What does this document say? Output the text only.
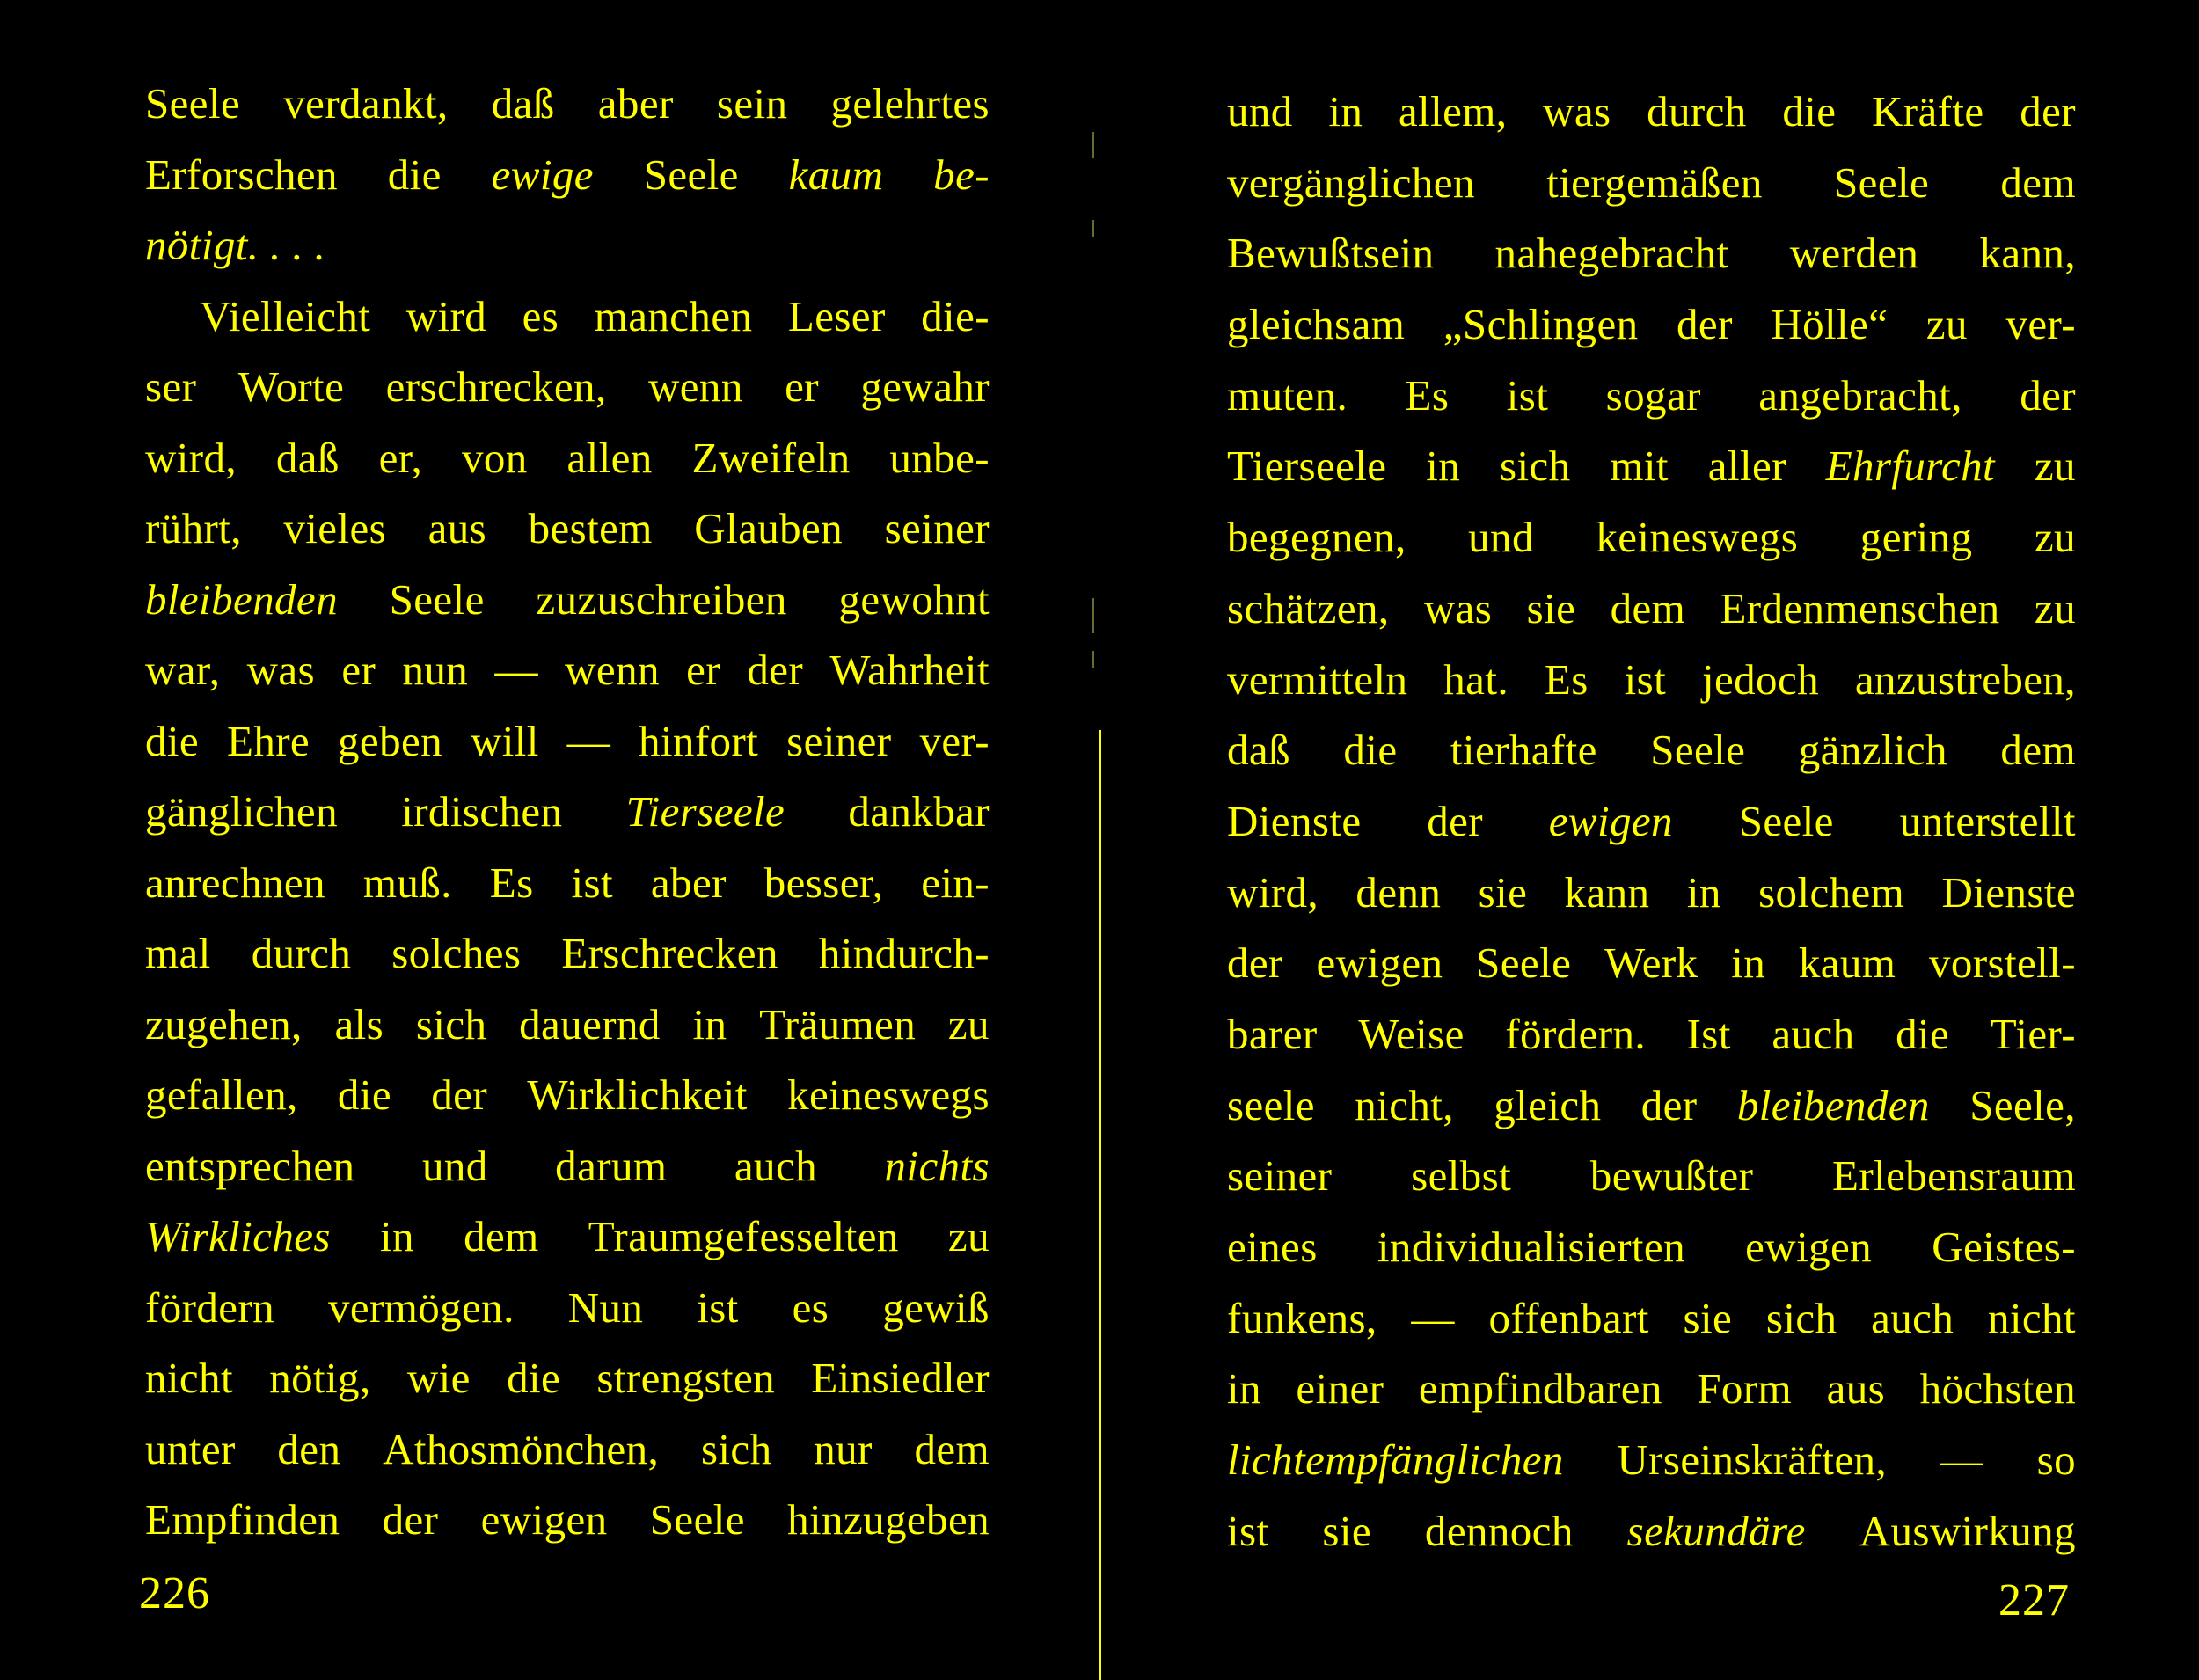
Seele verdankt, daß aber sein gelehrtes
Erforschen die ewige Seele kaum be-
nötigt. . . .
Vielleicht wird es manchen Leser die-
ser Worte erschrecken, wenn er gewahr
wird, daß er, von allen Zweifeln unbe-
rührt, vieles aus bestem Glauben seiner
bleibenden Seele zuzuschreiben gewohnt
war, was er nun — wenn er der Wahrheit
die Ehre geben will — hinfort seiner ver-
gänglichen irdischen Tierseele dankbar
anrechnen muß. Es ist aber besser, ein-
mal durch solches Erschrecken hindurch-
zugehen, als sich dauernd in Träumen zu
gefallen, die der Wirklichkeit keineswegs
entsprechen und darum auch nichts
Wirkliches in dem Traumgefesselten zu
fördern vermögen. Nun ist es gewiß
nicht nötig, wie die strengsten Einsiedler
unter den Athosmönchen, sich nur dem
Empfinden der ewigen Seele hinzugeben
226
und in allem, was durch die Kräfte der
vergänglichen tiergemäßen Seele dem
Bewußtsein nahegebracht werden kann,
gleichsam „Schlingen der Hölle“ zu ver-
muten. Es ist sogar angebracht, der
Tierseele in sich mit aller Ehrfurcht zu
begegnen, und keineswegs gering zu
schätzen, was sie dem Erdenmenschen zu
vermitteln hat. Es ist jedoch anzustreben,
daß die tierhafte Seele gänzlich dem
Dienste der ewigen Seele unterstellt
wird, denn sie kann in solchem Dienste
der ewigen Seele Werk in kaum vorstell-
barer Weise fördern. Ist auch die Tier-
seele nicht, gleich der bleibenden Seele,
seiner selbst bewußter Erlebensraum
eines individualisierten ewigen Geistes-
funkens, — offenbart sie sich auch nicht
in einer empfindbaren Form aus höchsten
lichtempfänglichen Urseinskräften, — so
ist sie dennoch sekundäre Auswirkung
227
